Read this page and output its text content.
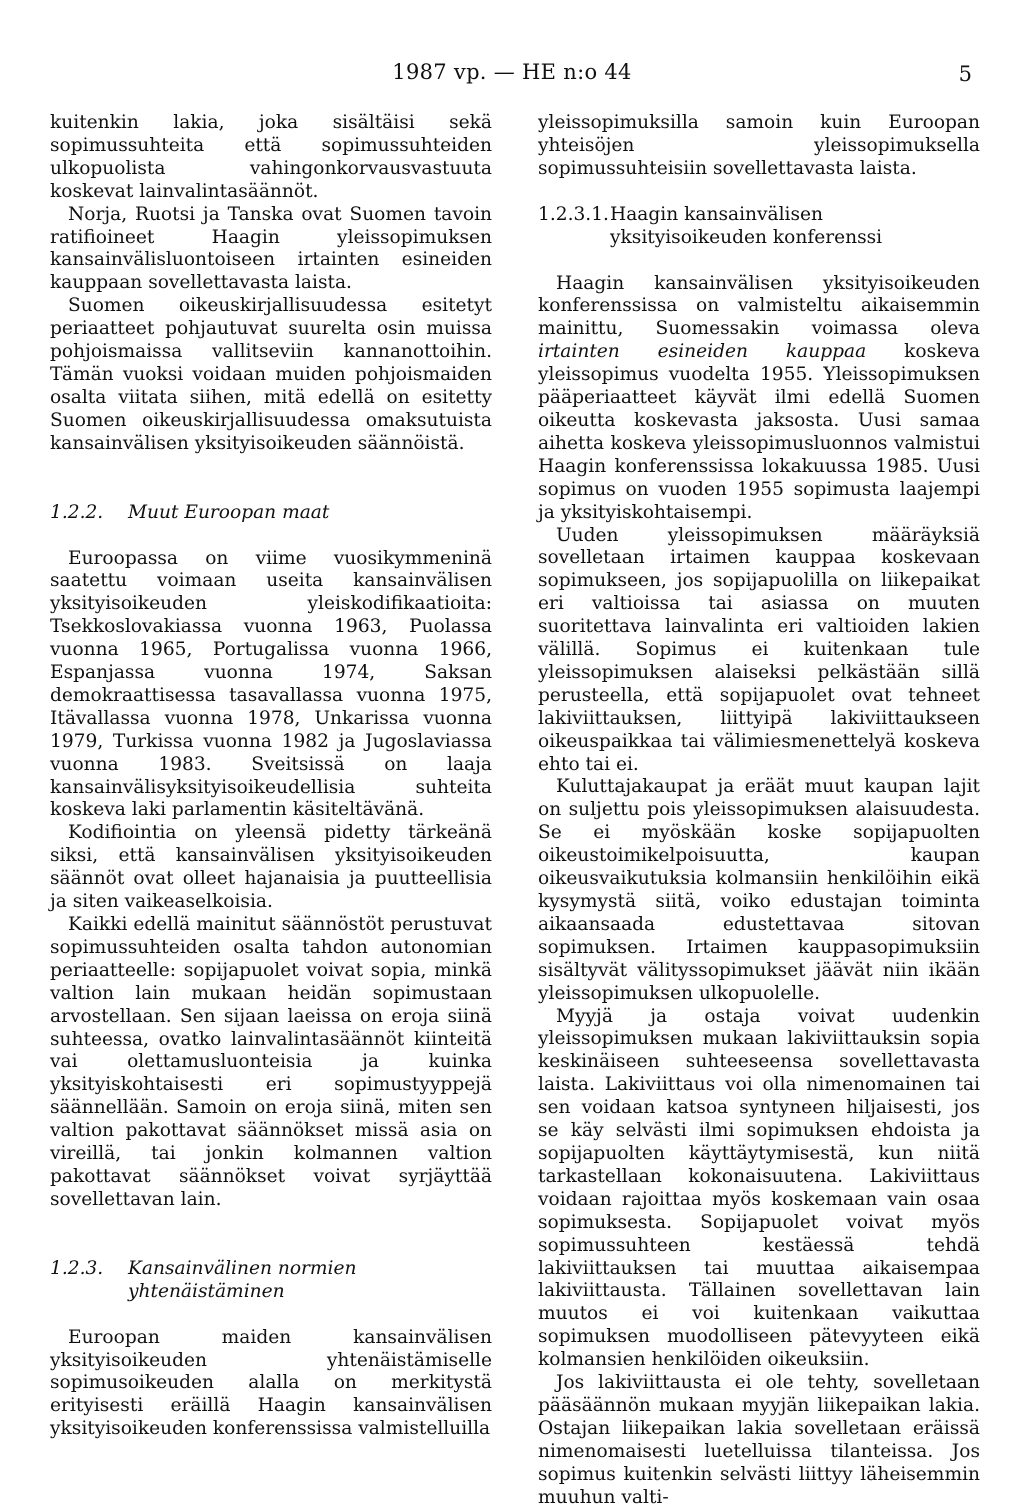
1987 vp. — HE n:o 44	5

kuitenkin lakia, joka sisältäisi sekä sopimussuhteita että sopimussuhteiden ulkopuolista vahingonkorvausvastuuta koskevat lainvalintasäännöt.

Norja, Ruotsi ja Tanska ovat Suomen tavoin ratifioineet Haagin yleissopimuksen kansainvälisluontoiseen irtainten esineiden kauppaan sovellettavasta laista.

Suomen oikeuskirjallisuudessa esitetyt periaatteet pohjautuvat suurelta osin muissa pohjoismaissa vallitseviin kannanottoihin. Tämän vuoksi voidaan muiden pohjoismaiden osalta viitata siihen, mitä edellä on esitetty Suomen oikeuskirjallisuudessa omaksutuista kansainvälisen yksityisoikeuden säännöistä.

1.2.2.	Muut Euroopan maat

Euroopassa on viime vuosikymmeninä saatettu voimaan useita kansainvälisen yksityisoikeuden yleiskodifikaatioita: Tsekkoslovakiassa vuonna 1963, Puolassa vuonna 1965, Portugalissa vuonna 1966, Espanjassa vuonna 1974, Saksan demokraattisessa tasavallassa vuonna 1975, Itävallassa vuonna 1978, Unkarissa vuonna 1979, Turkissa vuonna 1982 ja Jugoslaviassa vuonna 1983. Sveitsissä on laaja kansainvälisyksityisoikeudellisia suhteita koskeva laki parlamentin käsiteltävänä.

Kodifiointia on yleensä pidetty tärkeänä siksi, että kansainvälisen yksityisoikeuden säännöt ovat olleet hajanaisia ja puutteellisia ja siten vaikeaselkoisia.

Kaikki edellä mainitut säännöstöt perustuvat sopimussuhteiden osalta tahdon autonomian periaatteelle: sopijapuolet voivat sopia, minkä valtion lain mukaan heidän sopimustaan arvostellaan. Sen sijaan laeissa on eroja siinä suhteessa, ovatko lainvalintasäännöt kiinteitä vai olettamusluonteisia ja kuinka yksityiskohtaisesti eri sopimustyyppejä säännellään. Samoin on eroja siinä, miten sen valtion pakottavat säännökset missä asia on vireillä, tai jonkin kolmannen valtion pakottavat säännökset voivat syrjäyttää sovellettavan lain.

1.2.3.	Kansainvälinen normien yhtenäistäminen

Euroopan maiden kansainvälisen yksityisoikeuden yhtenäistämiselle sopimusoikeuden alalla on merkitystä erityisesti eräillä Haagin kansainvälisen yksityisoikeuden konferenssissa valmistelluilla

yleissopimuksilla samoin kuin Euroopan yhteisöjen yleissopimuksella sopimussuhteisiin sovellettavasta laista.

1.2.3.1. Haagin kansainvälisen yksityisoikeuden konferenssi

Haagin kansainvälisen yksityisoikeuden konferenssissa on valmisteltu aikaisemmin mainittu, Suomessakin voimassa oleva irtainten esineiden kauppaa koskeva yleissopimus vuodelta 1955. Yleissopimuksen pääperiaatteet käyvät ilmi edellä Suomen oikeutta koskevasta jaksosta. Uusi samaa aihetta koskeva yleissopimusluonnos valmistui Haagin konferenssissa lokakuussa 1985. Uusi sopimus on vuoden 1955 sopimusta laajempi ja yksityiskohtaisempi.

Uuden yleissopimuksen määräyksiä sovelletaan irtaimen kauppaa koskevaan sopimukseen, jos sopijapuolilla on liikepaikat eri valtioissa tai asiassa on muuten suoritettava lainvalinta eri valtioiden lakien välillä. Sopimus ei kuitenkaan tule yleissopimuksen alaiseksi pelkästään sillä perusteella, että sopijapuolet ovat tehneet lakiviittauksen, liittyipä lakiviittaukseen oikeuspaikkaa tai välimiesmenettelyä koskeva ehto tai ei.

Kuluttajakaupat ja eräät muut kaupan lajit on suljettu pois yleissopimuksen alaisuudesta. Se ei myöskään koske sopijapuolten oikeustoimikelpoisuutta, kaupan oikeusvaikutuksia kolmansiin henkilöihin eikä kysymystä siitä, voiko edustajan toiminta aikaansaada edustettavaa sitovan sopimuksen. Irtaimen kauppasopimuksiin sisältyvät välityssopimukset jäävät niin ikään yleissopimuksen ulkopuolelle.

Myyjä ja ostaja voivat uudenkin yleissopimuksen mukaan lakiviittauksin sopia keskinäiseen suhteeseensa sovellettavasta laista. Lakiviittaus voi olla nimenomainen tai sen voidaan katsoa syntyneen hiljaisesti, jos se käy selvästi ilmi sopimuksen ehdoista ja sopijapuolten käyttäytymisestä, kun niitä tarkastellaan kokonaisuutena. Lakiviittaus voidaan rajoittaa myös koskemaan vain osaa sopimuksesta. Sopijapuolet voivat myös sopimussuhteen kestäessä tehdä lakiviittauksen tai muuttaa aikaisempaa lakiviittausta. Tällainen sovellettavan lain muutos ei voi kuitenkaan vaikuttaa sopimuksen muodolliseen pätevyyteen eikä kolmansien henkilöiden oikeuksiin.

Jos lakiviittausta ei ole tehty, sovelletaan pääsäännön mukaan myyjän liikepaikan lakia. Ostajan liikepaikan lakia sovelletaan eräissä nimenomaisesti luetelluissa tilanteissa. Jos sopimus kuitenkin selvästi liittyy läheisemmin muuhun valti-
